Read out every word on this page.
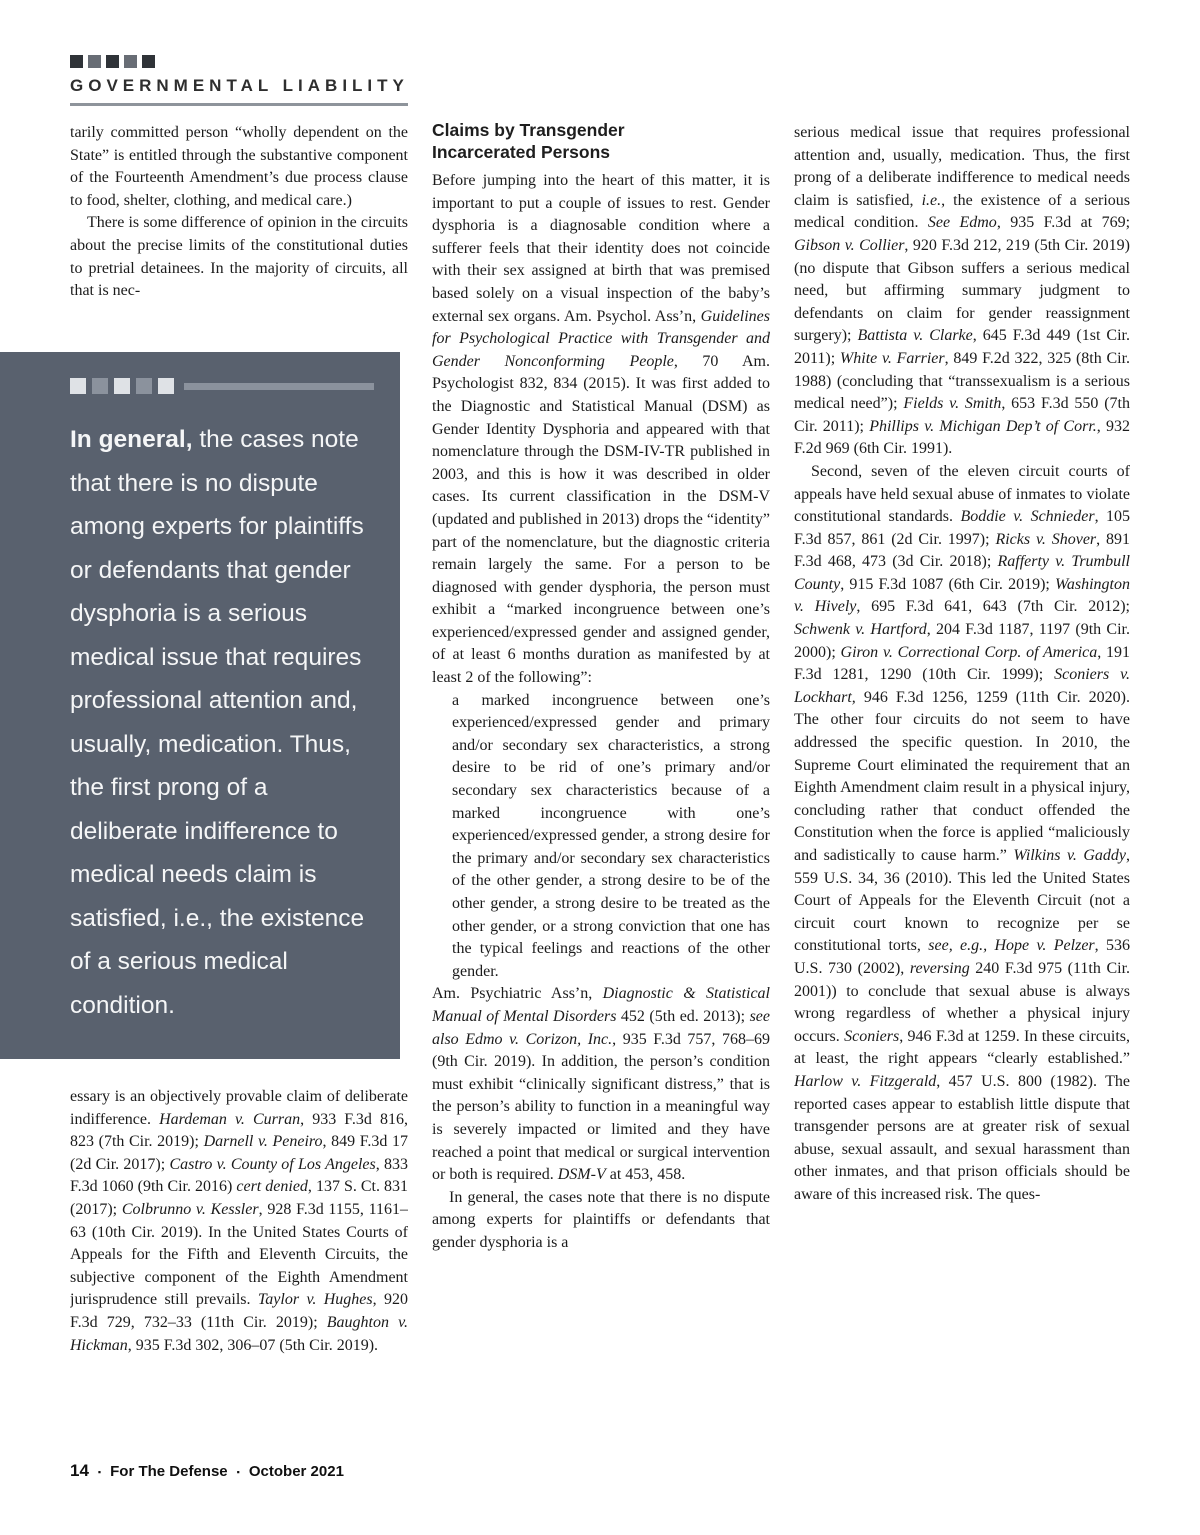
GOVERNMENTAL LIABILITY

tarily committed person “wholly dependent on the State” is entitled through the substantive component of the Fourteenth Amendment’s due process clause to food, shelter, clothing, and medical care.)

There is some difference of opinion in the circuits about the precise limits of the constitutional duties to pretrial detainees. In the majority of circuits, all that is nec-

In general, the cases note that there is no dispute among experts for plaintiffs or defendants that gender dysphoria is a serious medical issue that requires professional attention and, usually, medication. Thus, the first prong of a deliberate indifference to medical needs claim is satisfied, i.e., the existence of a serious medical condition.

essary is an objectively provable claim of deliberate indifference. Hardeman v. Curran, 933 F.3d 816, 823 (7th Cir. 2019); Darnell v. Peneiro, 849 F.3d 17 (2d Cir. 2017); Castro v. County of Los Angeles, 833 F.3d 1060 (9th Cir. 2016) cert denied, 137 S. Ct. 831 (2017); Colbrunno v. Kessler, 928 F.3d 1155, 1161–63 (10th Cir. 2019). In the United States Courts of Appeals for the Fifth and Eleventh Circuits, the subjective component of the Eighth Amendment jurisprudence still prevails. Taylor v. Hughes, 920 F.3d 729, 732–33 (11th Cir. 2019); Baughton v. Hickman, 935 F.3d 302, 306–07 (5th Cir. 2019).

Claims by Transgender
Incarcerated Persons

Before jumping into the heart of this matter, it is important to put a couple of issues to rest. Gender dysphoria is a diagnosable condition where a sufferer feels that their identity does not coincide with their sex assigned at birth that was premised based solely on a visual inspection of the baby’s external sex organs. Am. Psychol. Ass’n, Guidelines for Psychological Practice with Transgender and Gender Nonconforming People, 70 Am. Psychologist 832, 834 (2015). It was first added to the Diagnostic and Statistical Manual (DSM) as Gender Identity Dysphoria and appeared with that nomenclature through the DSM-IV-TR published in 2003, and this is how it was described in older cases. Its current classification in the DSM-V (updated and published in 2013) drops the “identity” part of the nomenclature, but the diagnostic criteria remain largely the same. For a person to be diagnosed with gender dysphoria, the person must exhibit a “marked incongruence between one’s experienced/expressed gender and assigned gender, of at least 6 months duration as manifested by at least 2 of the following”:

a marked incongruence between one’s experienced/expressed gender and primary and/or secondary sex characteristics, a strong desire to be rid of one’s primary and/or secondary sex characteristics because of a marked incongruence with one’s experienced/expressed gender, a strong desire for the primary and/or secondary sex characteristics of the other gender, a strong desire to be of the other gender, a strong desire to be treated as the other gender, or a strong conviction that one has the typical feelings and reactions of the other gender.

Am. Psychiatric Ass’n, Diagnostic & Statistical Manual of Mental Disorders 452 (5th ed. 2013); see also Edmo v. Corizon, Inc., 935 F.3d 757, 768–69 (9th Cir. 2019). In addition, the person’s condition must exhibit “clinically significant distress,” that is the person’s ability to function in a meaningful way is severely impacted or limited and they have reached a point that medical or surgical intervention or both is required. DSM-V at 453, 458.

In general, the cases note that there is no dispute among experts for plaintiffs or defendants that gender dysphoria is a

serious medical issue that requires professional attention and, usually, medication. Thus, the first prong of a deliberate indifference to medical needs claim is satisfied, i.e., the existence of a serious medical condition. See Edmo, 935 F.3d at 769; Gibson v. Collier, 920 F.3d 212, 219 (5th Cir. 2019) (no dispute that Gibson suffers a serious medical need, but affirming summary judgment to defendants on claim for gender reassignment surgery); Battista v. Clarke, 645 F.3d 449 (1st Cir. 2011); White v. Farrier, 849 F.2d 322, 325 (8th Cir. 1988) (concluding that “transsexualism is a serious medical need”); Fields v. Smith, 653 F.3d 550 (7th Cir. 2011); Phillips v. Michigan Dep’t of Corr., 932 F.2d 969 (6th Cir. 1991).

Second, seven of the eleven circuit courts of appeals have held sexual abuse of inmates to violate constitutional standards. Boddie v. Schnieder, 105 F.3d 857, 861 (2d Cir. 1997); Ricks v. Shover, 891 F.3d 468, 473 (3d Cir. 2018); Rafferty v. Trumbull County, 915 F.3d 1087 (6th Cir. 2019); Washington v. Hively, 695 F.3d 641, 643 (7th Cir. 2012); Schwenk v. Hartford, 204 F.3d 1187, 1197 (9th Cir. 2000); Giron v. Correctional Corp. of America, 191 F.3d 1281, 1290 (10th Cir. 1999); Sconiers v. Lockhart, 946 F.3d 1256, 1259 (11th Cir. 2020). The other four circuits do not seem to have addressed the specific question. In 2010, the Supreme Court eliminated the requirement that an Eighth Amendment claim result in a physical injury, concluding rather that conduct offended the Constitution when the force is applied “maliciously and sadistically to cause harm.” Wilkins v. Gaddy, 559 U.S. 34, 36 (2010). This led the United States Court of Appeals for the Eleventh Circuit (not a circuit court known to recognize per se constitutional torts, see, e.g., Hope v. Pelzer, 536 U.S. 730 (2002), reversing 240 F.3d 975 (11th Cir. 2001)) to conclude that sexual abuse is always wrong regardless of whether a physical injury occurs. Sconiers, 946 F.3d at 1259. In these circuits, at least, the right appears “clearly established.” Harlow v. Fitzgerald, 457 U.S. 800 (1982). The reported cases appear to establish little dispute that transgender persons are at greater risk of sexual abuse, sexual assault, and sexual harassment than other inmates, and that prison officials should be aware of this increased risk. The ques-

14 ▪ For The Defense ▪ October 2021
